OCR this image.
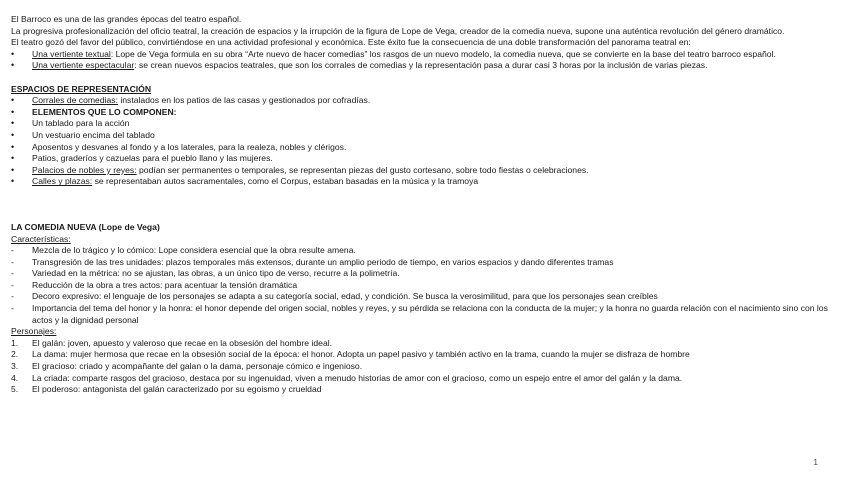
El Barroco es una de las grandes épocas del teatro español.

La progresiva profesionalización del oficio teatral, la creación de espacios y la irrupción de la figura de Lope de Vega, creador de la comedia nueva, supone una auténtica revolución del género dramático.

El teatro gozó del favor del público, convirtiéndose en una actividad profesional y económica. Este éxito fue la consecuencia de una doble transformación del panorama teatral en:

•	Una vertiente textual: Lope de Vega formula en su obra “Arte nuevo de hacer comedias” los rasgos de un nuevo modelo, la comedia nueva, que se convierte en la base del teatro barroco español.
•	Una vertiente espectacular: se crean nuevos espacios teatrales, que son los corrales de comedias y la representación pasa a durar casi 3 horas por la inclusión de varias piezas.

ESPACIOS DE REPRESENTACIÓN

•	Corrales de comedias: instalados en los patios de las casas y gestionados por cofradías.
•	ELEMENTOS QUE LO COMPONEN:
•	Un tablado para la acción
•	Un vestuario encima del tablado
•	Aposentos y desvanes al fondo y a los laterales, para la realeza, nobles y clérigos.
•	Patios, graderíos y cazuelas para el pueblo llano y las mujeres.
•	Palacios de nobles y reyes: podían ser permanentes o temporales, se representan piezas del gusto cortesano, sobre todo fiestas o celebraciones.
•	Calles y plazas: se representaban autos sacramentales, como el Corpus, estaban basadas en la música y la tramoya

LA COMEDIA NUEVA (Lope de Vega)

Características:

-	Mezcla de lo trágico y lo cómico: Lope considera esencial que la obra resulte amena.
-	Transgresión de las tres unidades: plazos temporales más extensos, durante un amplio periodo de tiempo, en varios espacios y dando diferentes tramas
-	Variedad en la métrica: no se ajustan, las obras, a un único tipo de verso, recurre a la polimetría.
-	Reducción de la obra a tres actos: para acentuar la tensión dramática
-	Decoro expresivo: el lenguaje de los personajes se adapta a su categoría social, edad, y condición. Se busca la verosimilitud, para que los personajes sean creíbles
-	Importancia del tema del honor y la honra: el honor depende del origen social, nobles y reyes, y su pérdida se relaciona con la conducta de la mujer; y la honra no guarda relación con el nacimiento sino con los actos y la dignidad personal

Personajes:

1.	El galán: joven, apuesto y valeroso que recae en la obsesión del hombre ideal.
2.	La dama: mujer hermosa que recae en la obsesión social de la época: el honor. Adopta un papel pasivo y también activo en la trama, cuando la mujer se disfraza de hombre
3.	El gracioso: criado y acompañante del galan o la dama, personaje cómico e ingenioso.
4.	La criada: comparte rasgos del gracioso, destaca por su ingenuidad, viven a menudo historias de amor con el gracioso, como un espejo entre el amor del galán y la dama.
5.	El poderoso: antagonista del galán caracterizado por su egoismo y crueldad
1
